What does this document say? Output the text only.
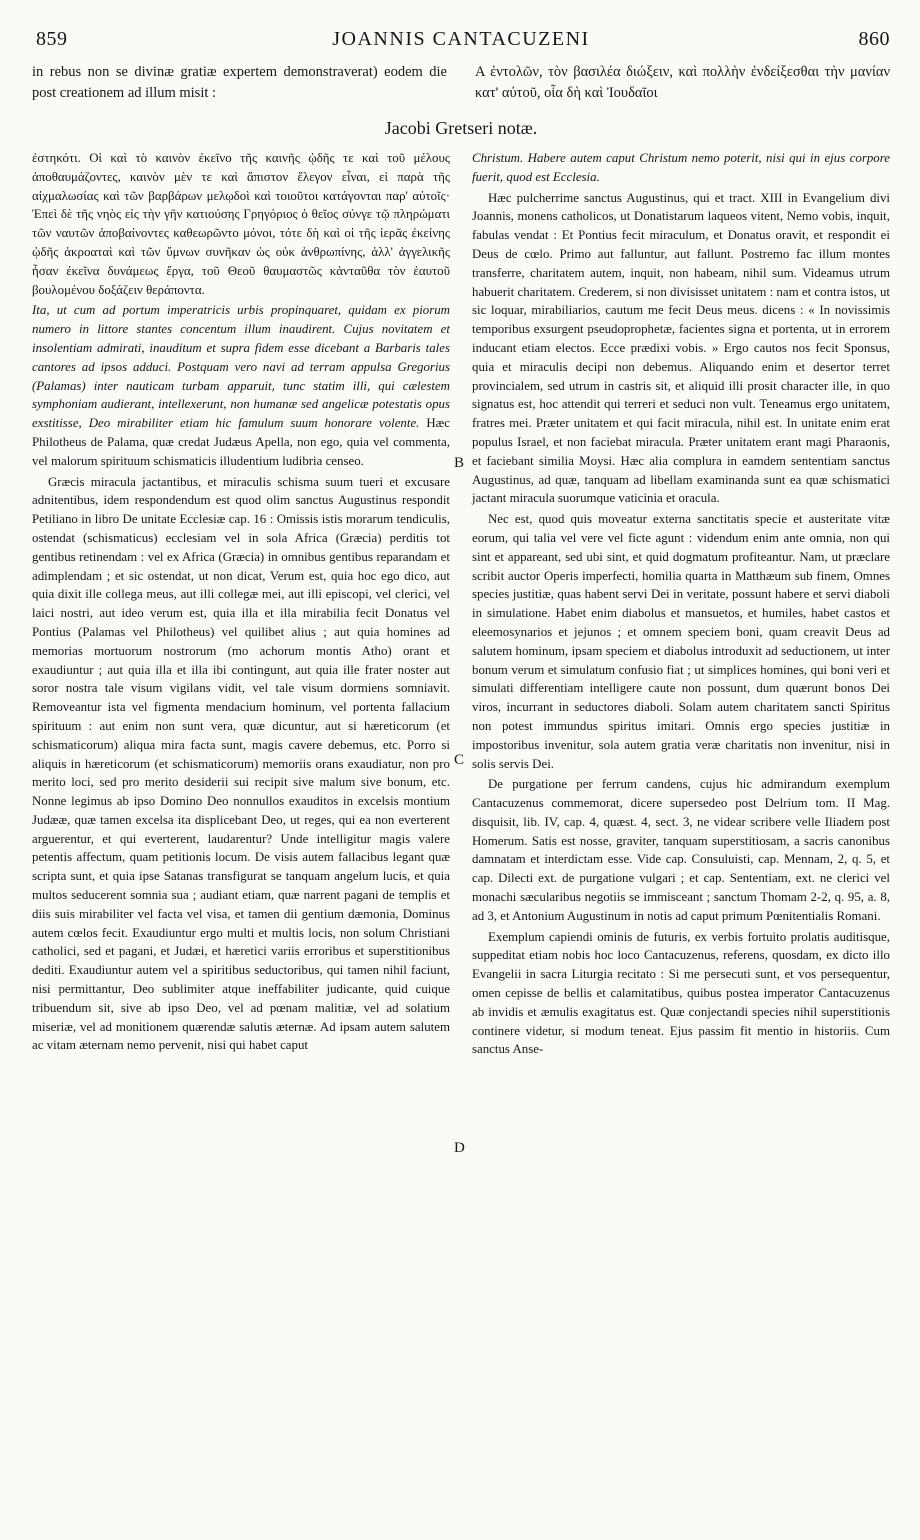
859	JOANNIS CANTACUZENI	860

in rebus non se divinæ gratiæ expertem demonstraverat) eodem die post creationem ad illum misit :

A ἐντολῶν, τὸν βασιλέα διώξειν, καὶ πολλὴν ἐνδείξεσθαι τὴν μανίαν κατ' αὐτοῦ, οἷα δὴ καὶ Ἰουδαῖοι

Jacobi Gretseri notæ.

ἐστηκότι. Οἱ καὶ τὸ καινὸν ἐκεῖνο τῆς καινῆς ᾠδῆς τε καὶ τοῦ μέλους ἀποθαυμάζοντες, καινὸν μὲν τε καὶ ἄπιστον ἔλεγον εἶναι, εἰ παρὰ τῆς αἰχμαλωσίας καὶ τῶν βαρβάρων μελῳδοὶ καὶ τοιοῦτοι κατάγονται παρ' αὐτοῖς· Ἐπεὶ δὲ τῆς νηὸς εἰς τὴν γῆν κατιούσης Γρηγόριος ὁ θεῖος σύνγε τῷ πληρώματι τῶν ναυτῶν ἀποβαίνοντες καθεωρῶντο μόνοι, τότε δὴ καὶ οἱ τῆς ἱερᾶς ἐκείνης ᾠδῆς ἀκροαταὶ καὶ τῶν ὕμνων συνῆκαν ὡς οὐκ ἀνθρωπίνης, ἀλλ' ἀγγελικῆς ἦσαν ἐκεῖνα δυνάμεως ἔργα, τοῦ Θεοῦ θαυμαστῶς κἀνταῦθα τὸν ἑαυτοῦ βουλομένου δοξάζειν θεράποντα.

Ita, ut cum ad portum imperatricis urbis propinquaret, quidam ex piorum numero in littore stantes concentum illum inaudirent. Cujus novitatem et insolentiam admirati, inauditum et supra fidem esse dicebant a Barbaris tales cantores ad ipsos adduci. Postquam vero navi ad terram appulsa Gregorius (Palamas) inter nauticam turbam apparuit, tunc statim illi, qui cælestem symphoniam audierant, intellexerunt, non humanæ sed angelicæ potestatis opus exstitisse, Deo mirabiliter etiam hic famulum suum honorare volente. Hæc Philotheus de Palama, quæ credat Judæus Apella, non ego, quia vel commenta, vel malorum spirituum schismaticis illudentium ludibria censeo.

Græcis miracula jactantibus, et miraculis schisma suum tueri et excusare adnitentibus, idem respondendum est quod olim sanctus Augustinus respondit Petiliano in libro De unitate Ecclesiæ cap. 16 : Omissis istis morarum tendiculis, ostendat (schismaticus) ecclesiam vel in sola Africa (Græcia) perditis tot gentibus retinendam : vel ex Africa (Græcia) in omnibus gentibus reparandam et adimplendam ; et sic ostendat, ut non dicat, Verum est, quia hoc ego dico, aut quia dixit ille collega meus, aut illi collegæ mei, aut illi episcopi, vel clerici, vel laici nostri, aut ideo verum est, quia illa et illa mirabilia fecit Donatus vel Pontius (Palamas vel Philotheus) vel quilibet alius ; aut quia homines ad memorias mortuorum nostrorum (mo achorum montis Atho) orant et exaudiuntur ; aut quia illa et illa ibi contingunt, aut quia ille frater noster aut soror nostra tale visum vigilans vidit, vel tale visum dormiens somniavit. Removeantur ista vel figmenta mendacium hominum, vel portenta fallacium spirituum : aut enim non sunt vera, quæ dicuntur, aut si hæreticorum (et schismaticorum) aliqua mira facta sunt, magis cavere debemus, etc. Porro si aliquis in hæreticorum (et schismaticorum) memoriis orans exaudiatur, non pro merito loci, sed pro merito desiderii sui recipit sive malum sive bonum, etc. Nonne legimus ab ipso Domino Deo nonnullos exauditos in excelsis montium Judææ, quæ tamen excelsa ita displicebant Deo, ut reges, qui ea non everterent arguerentur, et qui everterent, laudarentur? Unde intelligitur magis valere petentis affectum, quam petitionis locum. De visis autem fallacibus legant quæ scripta sunt, et quia ipse Satanas transfigurat se tanquam angelum lucis, et quia multos seducerent somnia sua ; audiant etiam, quæ narrent pagani de templis et diis suis mirabiliter vel facta vel visa, et tamen dii gentium dæmonia, Dominus autem cœlos fecit. Exaudiuntur ergo multi et multis locis, non solum Christiani catholici, sed et pagani, et Judæi, et hæretici variis erroribus et superstitionibus dediti. Exaudiuntur autem vel a spiritibus seductoribus, qui tamen nihil faciunt, nisi permittantur, Deo sublimiter atque ineffabiliter judicante, quid cuique tribuendum sit, sive ab ipso Deo, vel ad pœnam malitiæ, vel ad solatium miseriæ, vel ad monitionem quærendæ salutis æternæ. Ad ipsam autem salutem ac vitam æternam nemo pervenit, nisi qui habet caput

Christum. Habere autem caput Christum nemo poterit, nisi qui in ejus corpore fuerit, quod est Ecclesia.

Hæc pulcherrime sanctus Augustinus, qui et tract. XIII in Evangelium divi Joannis, monens catholicos, ut Donatistarum laqueos vitent, Nemo vobis, inquit, fabulas vendat : Et Pontius fecit miraculum, et Donatus oravit, et respondit ei Deus de cœlo. Primo aut falluntur, aut fallunt. Postremo fac illum montes transferre, charitatem autem, inquit, non habeam, nihil sum. Videamus utrum habuerit charitatem. Crederem, si non divisisset unitatem : nam et contra istos, ut sic loquar, mirabiliarios, cautum me fecit Deus meus. dicens : « In novissimis temporibus exsurgent pseudoprophetæ, facientes signa et portenta, ut in errorem inducant etiam electos. Ecce prædixi vobis. » Ergo cautos nos fecit Sponsus, quia et miraculis decipi non debemus. Aliquando enim et desertor terret provincialem, sed utrum in castris sit, et aliquid illi prosit character ille, in quo signatus est, hoc attendit qui terreri et seduci non vult. Teneamus ergo unitatem, fratres mei. Præter unitatem et qui facit miracula, nihil est. In unitate enim erat populus Israel, et non faciebat miracula. Præter unitatem erant magi Pharaonis, et faciebant similia Moysi. Hæc alia complura in eamdem sententiam sanctus Augustinus, ad quæ, tanquam ad libellam examinanda sunt ea quæ schismatici jactant miracula suorumque vaticinia et oracula.

Nec est, quod quis moveatur externa sanctitatis specie et austeritate vitæ eorum, qui talia vel vere vel ficte agunt : videndum enim ante omnia, non qui sint et appareant, sed ubi sint, et quid dogmatum profiteantur. Nam, ut præclare scribit auctor Operis imperfecti, homilia quarta in Matthæum sub finem, Omnes species justitiæ, quas habent servi Dei in veritate, possunt habere et servi diaboli in simulatione. Habet enim diabolus et mansuetos, et humiles, habet castos et eleemosynarios et jejunos ; et omnem speciem boni, quam creavit Deus ad salutem hominum, ipsam speciem et diabolus introduxit ad seductionem, ut inter bonum verum et simulatum confusio fiat ; ut simplices homines, qui boni veri et simulati differentiam intelligere caute non possunt, dum quærunt bonos Dei viros, incurrant in seductores diaboli. Solam autem charitatem sancti Spiritus non potest immundus spiritus imitari. Omnis ergo species justitiæ in impostoribus invenitur, sola autem gratia veræ charitatis non invenitur, nisi in solis servis Dei.

De purgatione per ferrum candens, cujus hic admirandum exemplum Cantacuzenus commemorat, dicere supersedeo post Delrium tom. II Mag. disquisit, lib. IV, cap. 4, quæst. 4, sect. 3, ne videar scribere velle Iliadem post Homerum. Satis est nosse, graviter, tanquam superstitiosam, a sacris canonibus damnatam et interdictam esse. Vide cap. Consuluisti, cap. Mennam, 2, q. 5, et cap. Dilecti ext. de purgatione vulgari ; et cap. Sententiam, ext. ne clerici vel monachi sæcularibus negotiis se immisceant ; sanctum Thomam 2-2, q. 95, a. 8, ad 3, et Antonium Augustinum in notis ad caput primum Pœnitentialis Romani.

Exemplum capiendi ominis de futuris, ex verbis fortuito prolatis auditisque, suppeditat etiam nobis hoc loco Cantacuzenus, referens, quosdam, ex dicto illo Evangelii in sacra Liturgia recitato : Si me persecuti sunt, et vos persequentur, omen cepisse de bellis et calamitatibus, quibus postea imperator Cantacuzenus ab invidis et æmulis exagitatus est. Quæ conjectandi species nihil superstitionis continere videtur, si modum teneat. Ejus passim fit mentio in historiis. Cum sanctus Anse-

B
C
D
